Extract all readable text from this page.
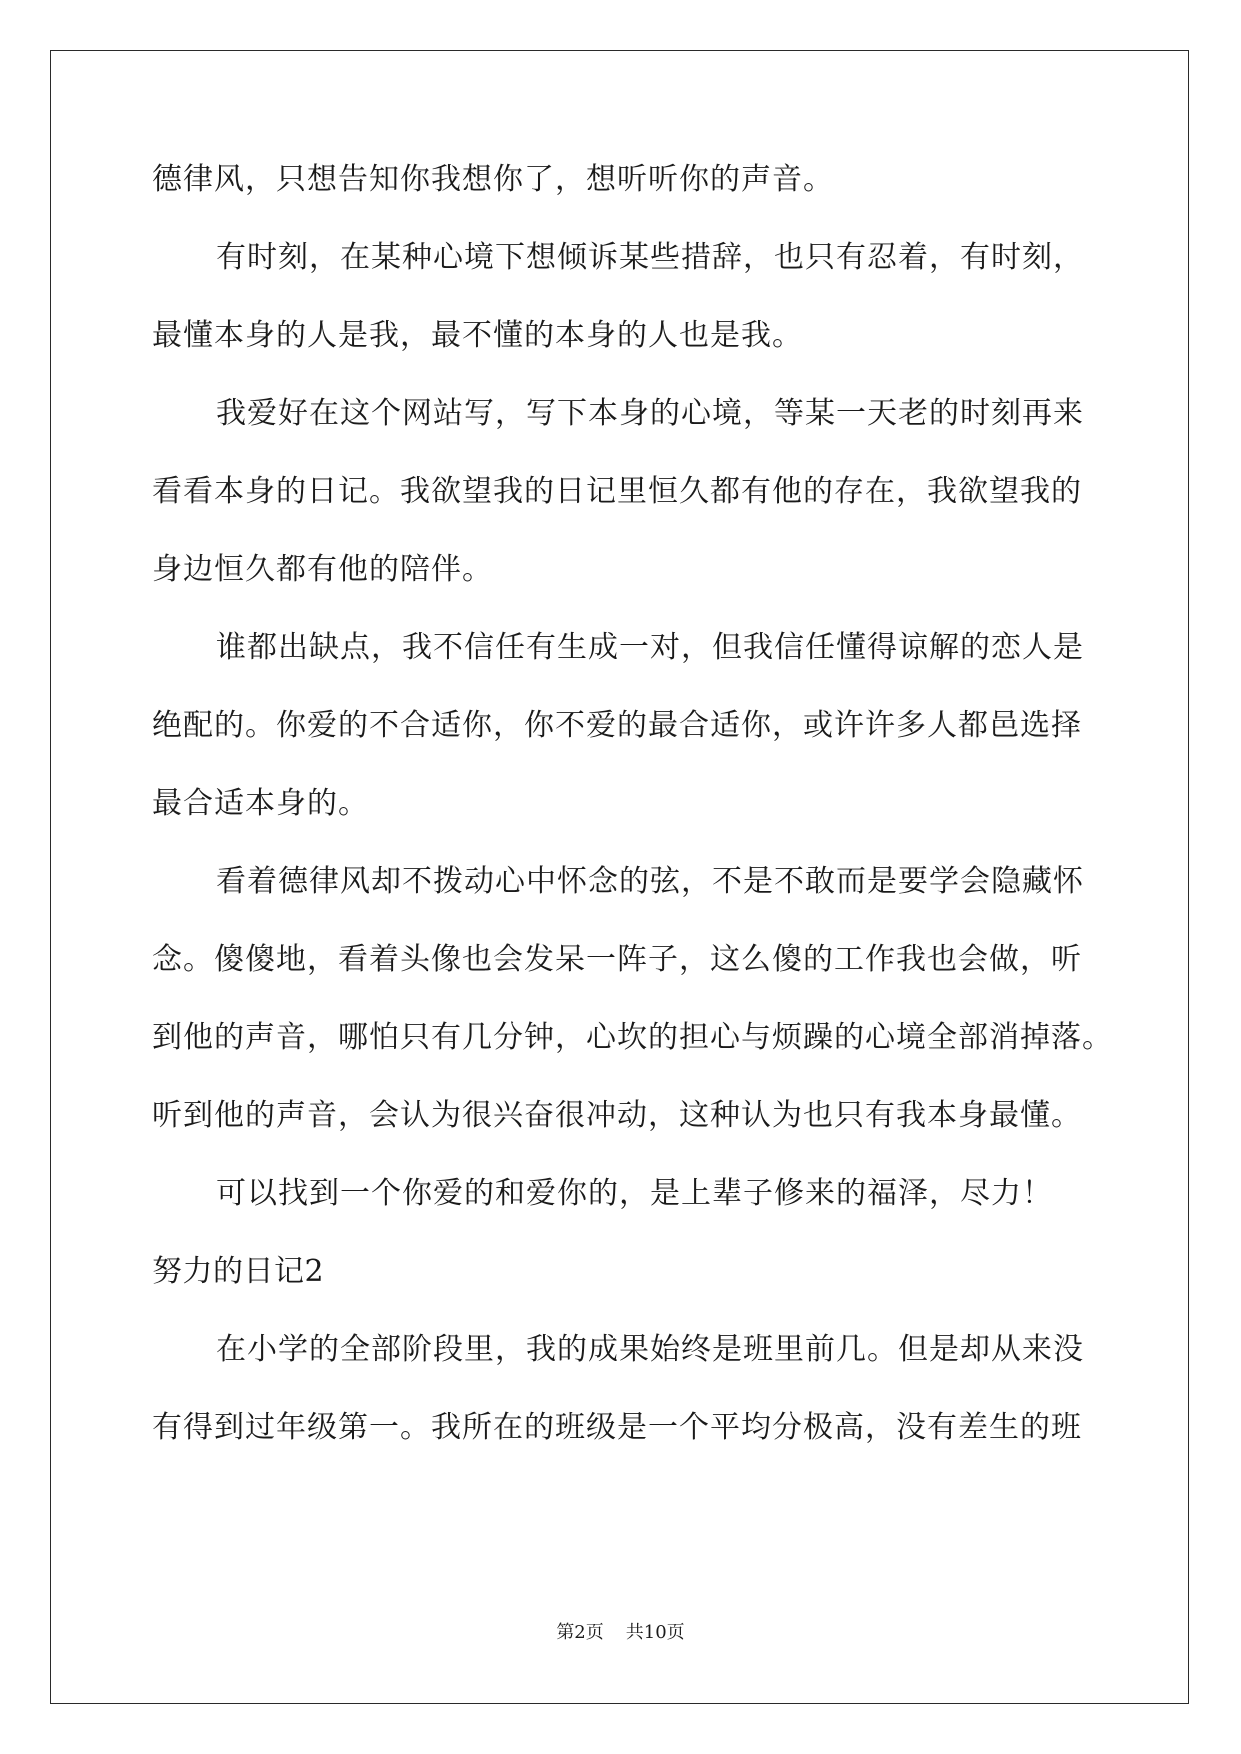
德律风，只想告知你我想你了，想听听你的声音。
有时刻，在某种心境下想倾诉某些措辞，也只有忍着，有时刻，
最懂本身的人是我，最不懂的本身的人也是我。
我爱好在这个网站写，写下本身的心境，等某一天老的时刻再来
看看本身的日记。我欲望我的日记里恒久都有他的存在，我欲望我的
身边恒久都有他的陪伴。
谁都出缺点，我不信任有生成一对，但我信任懂得谅解的恋人是
绝配的。你爱的不合适你，你不爱的最合适你，或许许多人都邑选择
最合适本身的。
看着德律风却不拨动心中怀念的弦，不是不敢而是要学会隐藏怀
念。傻傻地，看着头像也会发呆一阵子，这么傻的工作我也会做，听
到他的声音，哪怕只有几分钟，心坎的担心与烦躁的心境全部消掉落。
听到他的声音，会认为很兴奋很冲动，这种认为也只有我本身最懂。
可以找到一个你爱的和爱你的，是上辈子修来的福泽，尽力！
努力的日记2
在小学的全部阶段里，我的成果始终是班里前几。但是却从来没
有得到过年级第一。我所在的班级是一个平均分极高，没有差生的班
第2页 共10页
